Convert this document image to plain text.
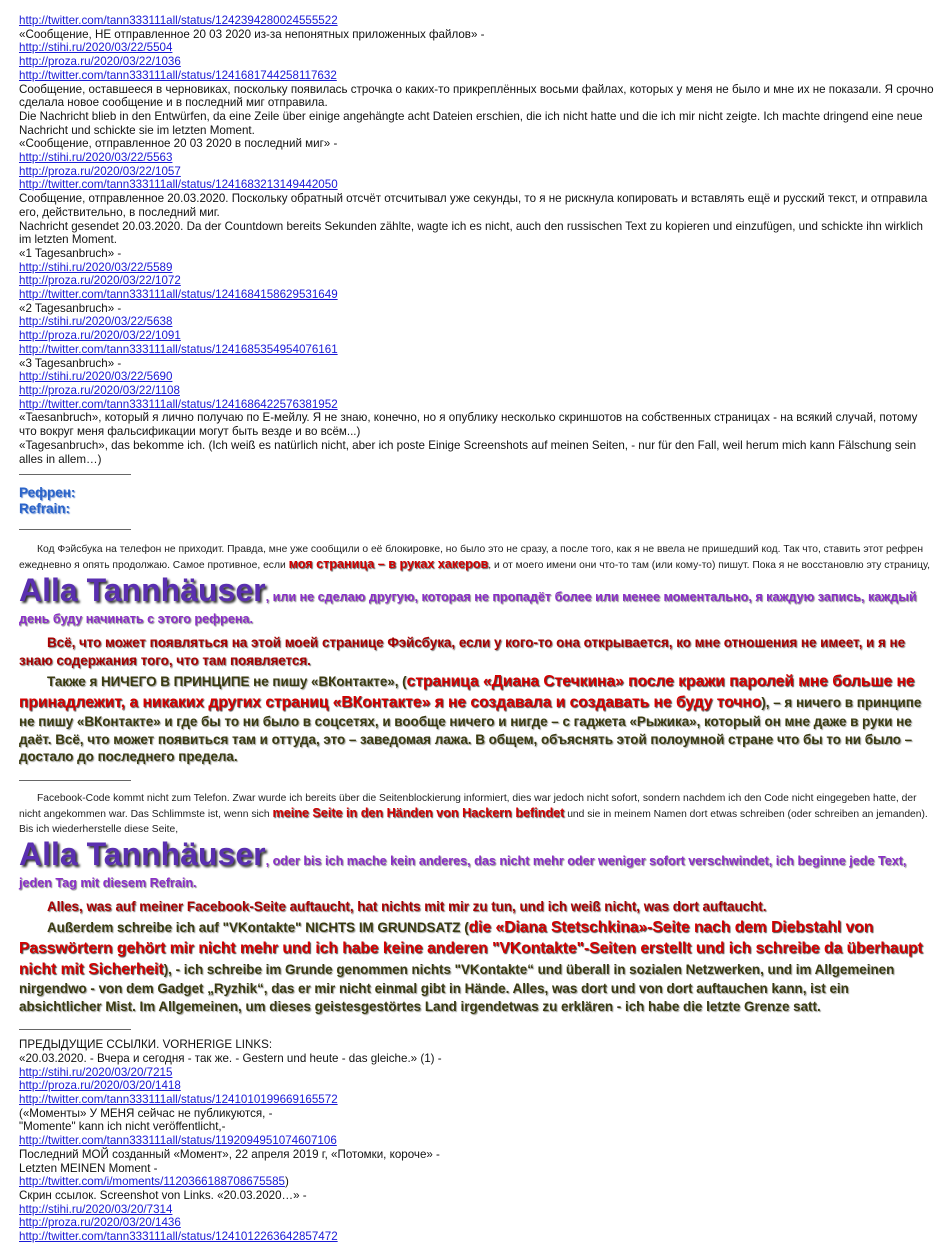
http://twitter.com/tann333111all/status/1242394280024555522
«Сообщение, НЕ отправленное 20 03 2020 из-за непонятных приложенных файлов» -
http://stihi.ru/2020/03/22/5504
http://proza.ru/2020/03/22/1036
http://twitter.com/tann333111all/status/1241681744258117632
Сообщение, оставшееся в черновиках, поскольку появилась строчка о каких-то прикреплённых восьми файлах, которых у меня не было и мне их не показали. Я срочно сделала новое сообщение и в последний миг отправила.
Die Nachricht blieb in den Entwürfen, da eine Zeile über einige angehängte acht Dateien erschien, die ich nicht hatte und die ich mir nicht zeigte. Ich machte dringend eine neue Nachricht und schickte sie im letzten Moment.
«Сообщение, отправленное 20 03 2020 в последний миг» -
http://stihi.ru/2020/03/22/5563
http://proza.ru/2020/03/22/1057
http://twitter.com/tann333111all/status/1241683213149442050
Сообщение, отправленное 20.03.2020. Поскольку обратный отсчёт отсчитывал уже секунды, то я не рискнула копировать и вставлять ещё и русский текст, и отправила его, действительно, в последний миг.
Nachricht gesendet 20.03.2020. Da der Countdown bereits Sekunden zählte, wagte ich es nicht, auch den russischen Text zu kopieren und einzufügen, und schickte ihn wirklich im letzten Moment.
«1 Tagesanbruch» -
http://stihi.ru/2020/03/22/5589
http://proza.ru/2020/03/22/1072
http://twitter.com/tann333111all/status/1241684158629531649
«2 Tagesanbruch» -
http://stihi.ru/2020/03/22/5638
http://proza.ru/2020/03/22/1091
http://twitter.com/tann333111all/status/1241685354954076161
«3 Tagesanbruch» -
http://stihi.ru/2020/03/22/5690
http://proza.ru/2020/03/22/1108
http://twitter.com/tann333111all/status/1241686422576381952
«Taesanbruch», который я лично получаю по Е-мейлу. Я не знаю, конечно, но я опублику несколько скриншотов на собственных страницах - на всякий случай, потому что вокруг меня фальсификации могут быть везде и во всём...)
«Tagesanbruch», das bekomme ich. (Ich weiß es natürlich nicht, aber ich poste Einige Screenshots auf meinen Seiten, - nur für den Fall, weil herum mich kann Fälschung sein alles in allem…)
Рефрен:
Refrain:

Код Фэйсбука на телефон не приходит. Правда, мне уже сообщили о её блокировке, но было это не сразу, а после того, как я не ввела не пришедший код. Так что, ставить этот рефрен ежедневно я опять продолжаю. Самое противное, если моя страница – в руках хакеров, и от моего имени они что-то там (или кому-то) пишут. Пока я не восстановлю эту страницу,

Alla Tannhäuser, или не сделаю другую, которая не пропадёт более или менее моментально, я каждую запись, каждый день буду начинать с этого рефрена.

Всё, что может появляться на этой моей странице Фэйсбука, если у кого-то она открывается, ко мне отношения не имеет, и я не знаю содержания того, что там появляется.

Также я НИЧЕГО В ПРИНЦИПЕ не пишу «ВКонтакте», (страница «Диана Стечкина» после кражи паролей мне больше не принадлежит, а никаких других страниц «ВКонтакте» я не создавала и создавать не буду точно), – я ничего в принципе не пишу «ВКонтакте» и где бы то ни было в соцсетях, и вообще ничего и нигде – с гаджета «Рыжика», который он мне даже в руки не даёт. Всё, что может появиться там и оттуда, это – заведомая лажа. В общем, объяснять этой полоумной стране что бы то ни было – достало до последнего предела.

Facebook-Code kommt nicht zum Telefon. Zwar wurde ich bereits über die Seitenblockierung informiert, dies war jedoch nicht sofort, sondern nachdem ich den Code nicht eingegeben hatte, der nicht angekommen war. Das Schlimmste ist, wenn sich meine Seite in den Händen von Hackern befindet und sie in meinem Namen dort etwas schreiben (oder schreiben an jemanden). Bis ich wiederherstelle diese Seite,

Alla Tannhäuser, oder bis ich mache kein anderes, das nicht mehr oder weniger sofort verschwindet, ich beginne jede Text, jeden Tag mit diesem Refrain.

Alles, was auf meiner Facebook-Seite auftaucht, hat nichts mit mir zu tun, und ich weiß nicht, was dort auftaucht.

Außerdem schreibe ich auf "VKontakte" NICHTS IM GRUNDSATZ (die «Diana Stetschkina»-Seite nach dem Diebstahl von Passwörtern gehört mir nicht mehr und ich habe keine anderen "VKontakte"-Seiten erstellt und ich schreibe da überhaupt nicht mit Sicherheit), - ich schreibe im Grunde genommen nichts "VKontakte“ und überall in sozialen Netzwerken, und im Allgemeinen nirgendwo - von dem Gadget „Ryzhik“, das er mir nicht einmal gibt in Hände. Alles, was dort und von dort auftauchen kann, ist ein absichtlicher Mist. Im Allgemeinen, um dieses geistesgestörtes Land irgendetwas zu erklären - ich habe die letzte Grenze satt.

ПРЕДЫДУЩИЕ ССЫЛКИ. VORHERIGE LINKS:
«20.03.2020. - Вчера и сегодня - так же. - Gestern und heute - das gleiche.» (1) -
http://stihi.ru/2020/03/20/7215
http://proza.ru/2020/03/20/1418
http://twitter.com/tann333111all/status/1241010199669165572
(«Моменты» У МЕНЯ сейчас не публикуются, -
"Momente" kann ich nicht veröffentlicht,-
http://twitter.com/tann333111all/status/1192094951074607106
Последний МОЙ созданный «Момент», 22 апреля 2019 г, «Потомки, короче» -
Letzten MEINEN Moment -
http://twitter.com/i/moments/1120366188708675585)
Скрин ссылок. Screenshot von Links. «20.03.2020…» -
http://stihi.ru/2020/03/20/7314
http://proza.ru/2020/03/20/1436
http://twitter.com/tann333111all/status/1241012263642857472
